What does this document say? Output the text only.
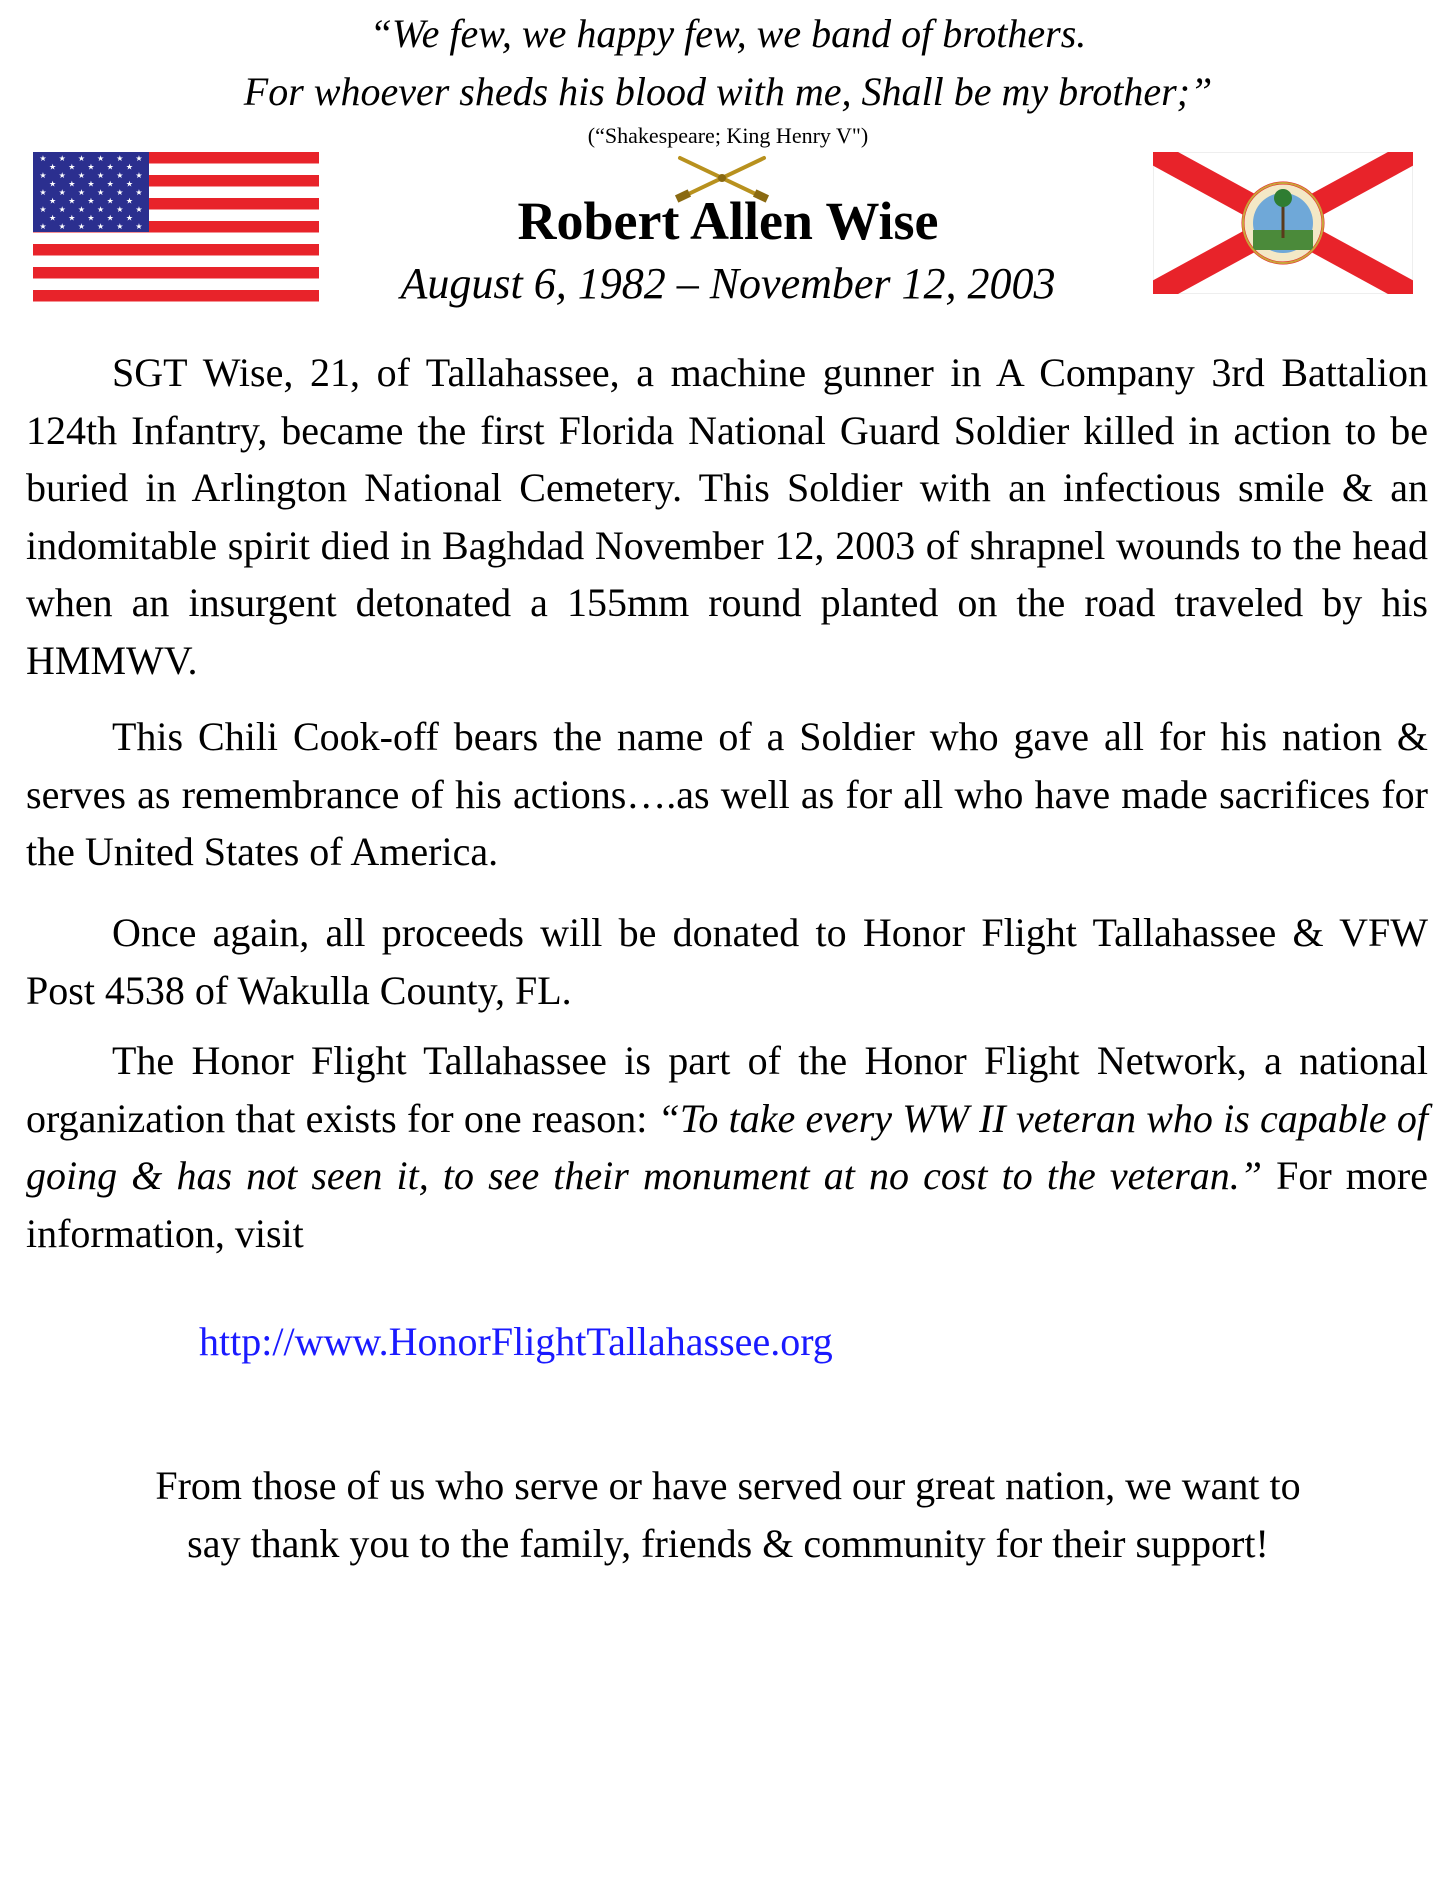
“We few, we happy few, we band of brothers.
For whoever sheds his blood with me, Shall be my brother;”
(“Shakespeare; King Henry V")
★ ★ ★ ★ ★ ★
★ ★ ★ ★ ★
★ ★ ★ ★ ★ ★
★ ★ ★ ★ ★
★ ★ ★ ★ ★ ★
★ ★ ★ ★ ★
★ ★ ★ ★ ★ ★
★ ★ ★ ★ ★
★ ★ ★ ★ ★ ★	Robert Allen Wise
August 6, 1982 – November 12, 2003

SGT Wise, 21, of Tallahassee, a machine gunner in A Company 3rd Battalion 124th Infantry, became the first Florida National Guard Soldier killed in action to be buried in Arlington National Cemetery. This Soldier with an infectious smile & an indomitable spirit died in Baghdad November 12, 2003 of shrapnel wounds to the head when an insurgent detonated a 155mm round planted on the road traveled by his HMMWV.

This Chili Cook-off bears the name of a Soldier who gave all for his nation & serves as remembrance of his actions….as well as for all who have made sacrifices for the United States of America.

Once again, all proceeds will be donated to Honor Flight Tallahassee & VFW Post 4538 of Wakulla County, FL.

The Honor Flight Tallahassee is part of the Honor Flight Network, a national organization that exists for one reason: “To take every WW II veteran who is capable of going & has not seen it, to see their monument at no cost to the veteran.” For more information, visit

http://www.HonorFlightTallahassee.org
From those of us who serve or have served our great nation, we want to
say thank you to the family, friends & community for their support!
